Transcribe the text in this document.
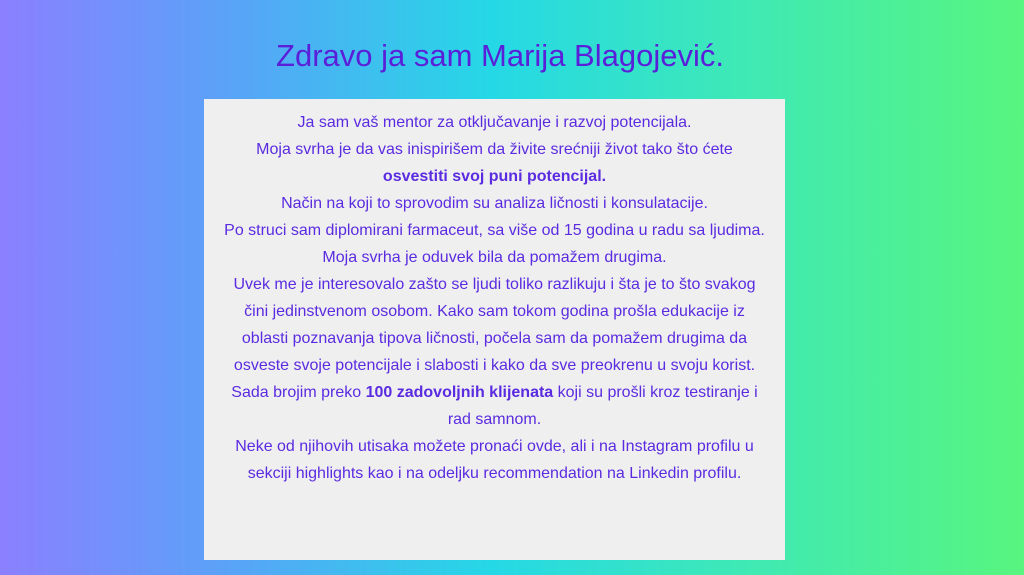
Zdravo ja sam Marija Blagojević.

Ja sam vaš mentor za otključavanje i razvoj potencijala.

Moja svrha je da vas inispirišem da živite srećniji život tako što ćete
osvestiti svoj puni potencijal.

Način na koji to sprovodim su analiza ličnosti i konsulatacije.

Po struci sam diplomirani farmaceut, sa više od 15 godina u radu sa ljudima. Moja svrha je oduvek bila da pomažem drugima.

Uvek me je interesovalo zašto se ljudi toliko razlikuju i šta je to što svakog čini jedinstvenom osobom. Kako sam tokom godina prošla edukacije iz oblasti poznavanja tipova ličnosti, počela sam da pomažem drugima da osveste svoje potencijale i slabosti i kako da sve preokrenu u svoju korist.

Sada brojim preko 100 zadovoljnih klijenata koji su prošli kroz testiranje i rad samnom.

Neke od njihovih utisaka možete pronaći ovde, ali i na Instagram profilu u sekciji highlights kao i na odeljku recommendation na Linkedin profilu.
